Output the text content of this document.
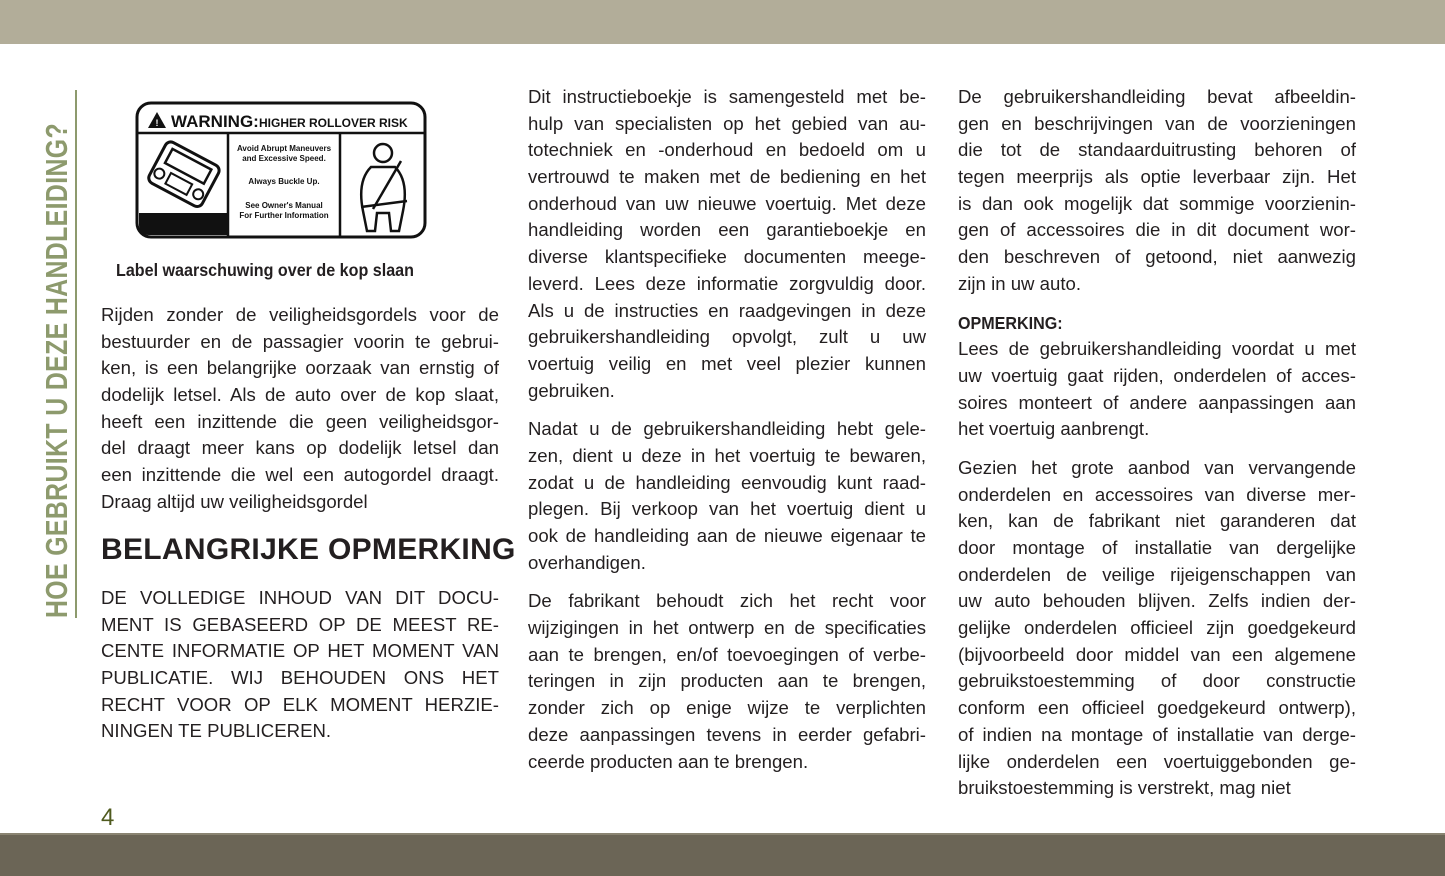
HOE GEBRUIKT U DEZE HANDLEIDING?	! WARNING: HIGHER ROLLOVER RISK
Avoid Abrupt Maneuvers
and Excessive Speed.
Always Buckle Up.
See Owner's Manual
For Further Information
Label waarschuwing over de kop slaan
Rijden zonder de veiligheidsgordels voor de
bestuurder en de passagier voorin te gebrui-
ken, is een belangrijke oorzaak van ernstig of
dodelijk letsel. Als de auto over de kop slaat,
heeft een inzittende die geen veiligheidsgor-
del draagt meer kans op dodelijk letsel dan
een inzittende die wel een autogordel draagt.
Draag altijd uw veiligheidsgordel
BELANGRIJKE OPMERKING
DE VOLLEDIGE INHOUD VAN DIT DOCU-
MENT IS GEBASEERD OP DE MEEST RE-
CENTE INFORMATIE OP HET MOMENT VAN
PUBLICATIE. WIJ BEHOUDEN ONS HET
RECHT VOOR OP ELK MOMENT HERZIE-
NINGEN TE PUBLICEREN.
Dit instructieboekje is samengesteld met be-
hulp van specialisten op het gebied van au-
totechniek en -onderhoud en bedoeld om u
vertrouwd te maken met de bediening en het
onderhoud van uw nieuwe voertuig. Met deze
handleiding worden een garantieboekje en
diverse klantspecifieke documenten meege-
leverd. Lees deze informatie zorgvuldig door.
Als u de instructies en raadgevingen in deze
gebruikershandleiding opvolgt, zult u uw
voertuig veilig en met veel plezier kunnen
gebruiken.
Nadat u de gebruikershandleiding hebt gele-
zen, dient u deze in het voertuig te bewaren,
zodat u de handleiding eenvoudig kunt raad-
plegen. Bij verkoop van het voertuig dient u
ook de handleiding aan de nieuwe eigenaar te
overhandigen.
De fabrikant behoudt zich het recht voor
wijzigingen in het ontwerp en de specificaties
aan te brengen, en/of toevoegingen of verbe-
teringen in zijn producten aan te brengen,
zonder zich op enige wijze te verplichten
deze aanpassingen tevens in eerder gefabri-
ceerde producten aan te brengen.
De gebruikershandleiding bevat afbeeldin-
gen en beschrijvingen van de voorzieningen
die tot de standaarduitrusting behoren of
tegen meerprijs als optie leverbaar zijn. Het
is dan ook mogelijk dat sommige voorzienin-
gen of accessoires die in dit document wor-
den beschreven of getoond, niet aanwezig
zijn in uw auto.
OPMERKING:
Lees de gebruikershandleiding voordat u met
uw voertuig gaat rijden, onderdelen of acces-
soires monteert of andere aanpassingen aan
het voertuig aanbrengt.
Gezien het grote aanbod van vervangende
onderdelen en accessoires van diverse mer-
ken, kan de fabrikant niet garanderen dat
door montage of installatie van dergelijke
onderdelen de veilige rijeigenschappen van
uw auto behouden blijven. Zelfs indien der-
gelijke onderdelen officieel zijn goedgekeurd
(bijvoorbeeld door middel van een algemene
gebruikstoestemming of door constructie
conform een officieel goedgekeurd ontwerp),
of indien na montage of installatie van derge-
lijke onderdelen een voertuiggebonden ge-
bruikstoestemming is verstrekt, mag niet
4
